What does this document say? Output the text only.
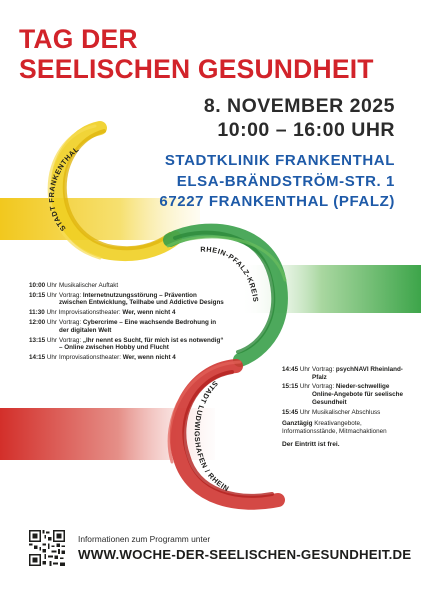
STADT FRANKENTHAL
RHEIN-PFALZ-KREIS
STADT LUDWIGSHAFEN / RHEIN
TAG DER
SEELISCHEN GESUNDHEIT
8. NOVEMBER 2025
10:00 – 16:00 UHR
STADTKLINIK FRANKENTHAL
ELSA-BRÄNDSTRÖM-STR. 1
67227 FRANKENTHAL (PFALZ)
10:00 Uhr Musikalischer Auftakt
10:15 Uhr Vortrag: Internetnutzungsstörung – Prävention zwischen Entwicklung, Teilhabe und Addictive Designs
11:30 Uhr Improvisationstheater: Wer, wenn nicht 4
12:00 Uhr Vortrag: Cybercrime – Eine wachsende Bedrohung in der digitalen Welt
13:15 Uhr Vortrag: „Ihr nennt es Sucht, für mich ist es notwendig“ – Online zwischen Hobby und Flucht
14:15 Uhr Improvisationstheater: Wer, wenn nicht 4
14:45 Uhr Vortrag: psychNAVI Rheinland-Pfalz
15:15 Uhr Vortrag: Nieder-schwellige Online-Angebote für seelische Gesundheit
15:45 Uhr Musikalischer Abschluss
Ganztägig Kreativangebote, Informationsstände, Mitmachaktionen
Der Eintritt ist frei.
Informationen zum Programm unter
WWW.WOCHE-DER-SEELISCHEN-GESUNDHEIT.DE
